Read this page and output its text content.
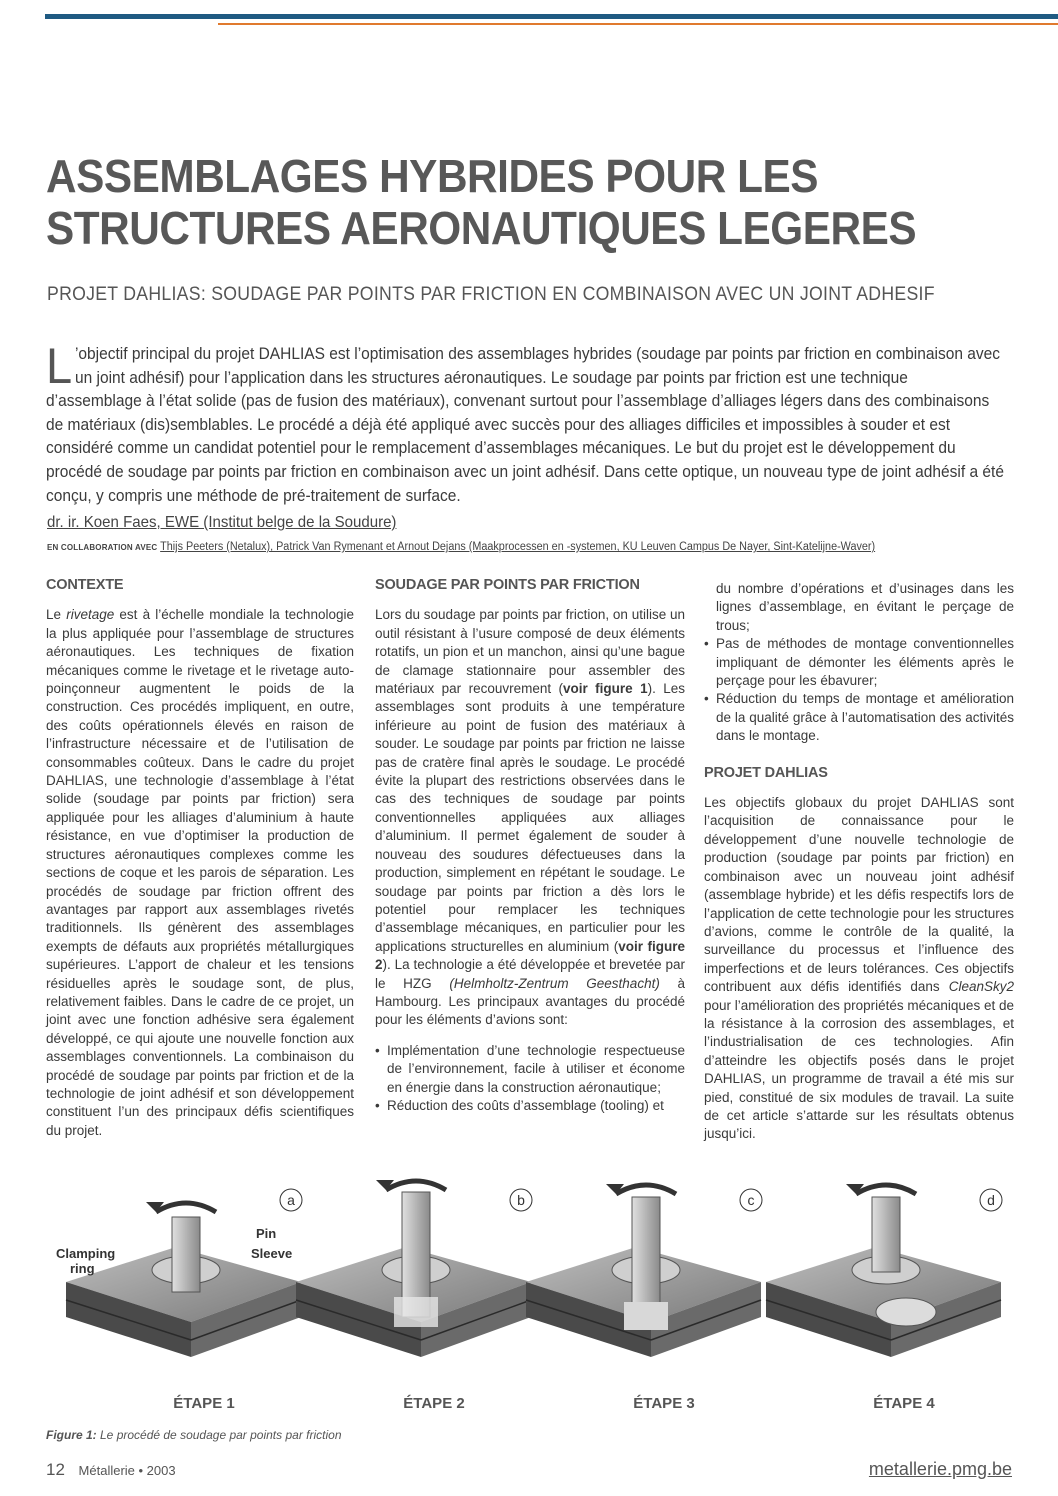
ASSEMBLAGES HYBRIDES POUR LES
STRUCTURES AERONAUTIQUES LEGERES
PROJET DAHLIAS: SOUDAGE PAR POINTS PAR FRICTION EN COMBINAISON AVEC UN JOINT ADHESIF
L ’objectif principal du projet DAHLIAS est l’optimisation des assemblages hybrides (soudage par points par friction en combinaison avec un joint adhésif) pour l’application dans les structures aéronautiques. Le soudage par points par friction est une technique d’assemblage à l’état solide (pas de fusion des matériaux), convenant surtout pour l’assemblage d’alliages légers dans des combinaisons de matériaux (dis)semblables. Le procédé a déjà été appliqué avec succès pour des alliages difficiles et impossibles à souder et est considéré comme un candidat potentiel pour le remplacement d’assemblages mécaniques. Le but du projet est le développement du procédé de soudage par points par friction en combinaison avec un joint adhésif. Dans cette optique, un nouveau type de joint adhésif a été conçu, y compris une méthode de pré-traitement de surface.
dr. ir. Koen Faes, EWE (Institut belge de la Soudure)
EN COLLABORATION AVEC Thijs Peeters (Netalux), Patrick Van Rymenant et Arnout Dejans (Maakprocessen en -systemen, KU Leuven Campus De Nayer, Sint-Katelijne-Waver)
CONTEXTE

Le rivetage est à l’échelle mondiale la technologie la plus appliquée pour l’assemblage de structures aéronautiques. Les techniques de fixation mécaniques comme le rivetage et le rivetage auto-poinçonneur augmentent le poids de la construction. Ces procédés impliquent, en outre, des coûts opérationnels élevés en raison de l’infrastructure nécessaire et de l’utilisation de consommables coûteux. Dans le cadre du projet DAHLIAS, une technologie d’assemblage à l’état solide (soudage par points par friction) sera appliquée pour les alliages d’aluminium à haute résistance, en vue d’optimiser la production de structures aéronautiques complexes comme les sections de coque et les parois de séparation. Les procédés de soudage par friction offrent des avantages par rapport aux assemblages rivetés traditionnels. Ils génèrent des assemblages exempts de défauts aux propriétés métallurgiques supérieures. L’apport de chaleur et les tensions résiduelles après le soudage sont, de plus, relativement faibles. Dans le cadre de ce projet, un joint avec une fonction adhésive sera également développé, ce qui ajoute une nouvelle fonction aux assemblages conventionnels. La combinaison du procédé de soudage par points par friction et de la technologie de joint adhésif et son développement constituent l’un des principaux défis scientifiques du projet.

SOUDAGE PAR POINTS PAR FRICTION

Lors du soudage par points par friction, on utilise un outil résistant à l’usure composé de deux éléments rotatifs, un pion et un manchon, ainsi qu’une bague de clamage stationnaire pour assembler des matériaux par recouvrement (voir figure 1). Les assemblages sont produits à une température inférieure au point de fusion des matériaux à souder. Le soudage par points par friction ne laisse pas de cratère final après le soudage. Le procédé évite la plupart des restrictions observées dans le cas des techniques de soudage par points conventionnelles appliquées aux alliages d’aluminium. Il permet également de souder à nouveau des soudures défectueuses dans la production, simplement en répétant le soudage. Le soudage par points par friction a dès lors le potentiel pour remplacer les techniques d’assemblage mécaniques, en particulier pour les applications structurelles en aluminium (voir figure 2). La technologie a été développée et brevetée par le HZG (Helmholtz-Zentrum Geesthacht) à Hambourg. Les principaux avantages du procédé pour les éléments d’avions sont:

• Implémentation d’une technologie respectueuse de l’environnement, facile à utiliser et économe en énergie dans la construction aéronautique;
• Réduction des coûts d’assemblage (tooling) et

du nombre d’opérations et d’usinages dans les lignes d’assemblage, en évitant le perçage de trous;

• Pas de méthodes de montage conventionnelles impliquant de démonter les éléments après le perçage pour les ébavurer;
• Réduction du temps de montage et amélioration de la qualité grâce à l’automatisation des activités dans le montage.
PROJET DAHLIAS

Les objectifs globaux du projet DAHLIAS sont l’acquisition de connaissance pour le développement d’une nouvelle technologie de production (soudage par points par friction) en combinaison avec un nouveau joint adhésif (assemblage hybride) et les défis respectifs lors de l’application de cette technologie pour les structures d’avions, comme le contrôle de la qualité, la surveillance du processus et l’influence des imperfections et de leurs tolérances. Ces objectifs contribuent aux défis identifiés dans CleanSky2 pour l’amélioration des propriétés mécaniques et de la résistance à la corrosion des assemblages, et l’industrialisation de ces technologies. Afin d’atteindre les objectifs posés dans le projet DAHLIAS, un programme de travail a été mis sur pied, constitué de six modules de travail. La suite de cet article s’attarde sur les résultats obtenus jusqu’ici.

a
Clamping
ring
Pin
Sleeve
ÉTAPE 1
b
ÉTAPE 2
c
ÉTAPE 3
d
ÉTAPE 4
Figure 1: Le procédé de soudage par points par friction
12 Métallerie • 2003	metallerie.pmg.be
